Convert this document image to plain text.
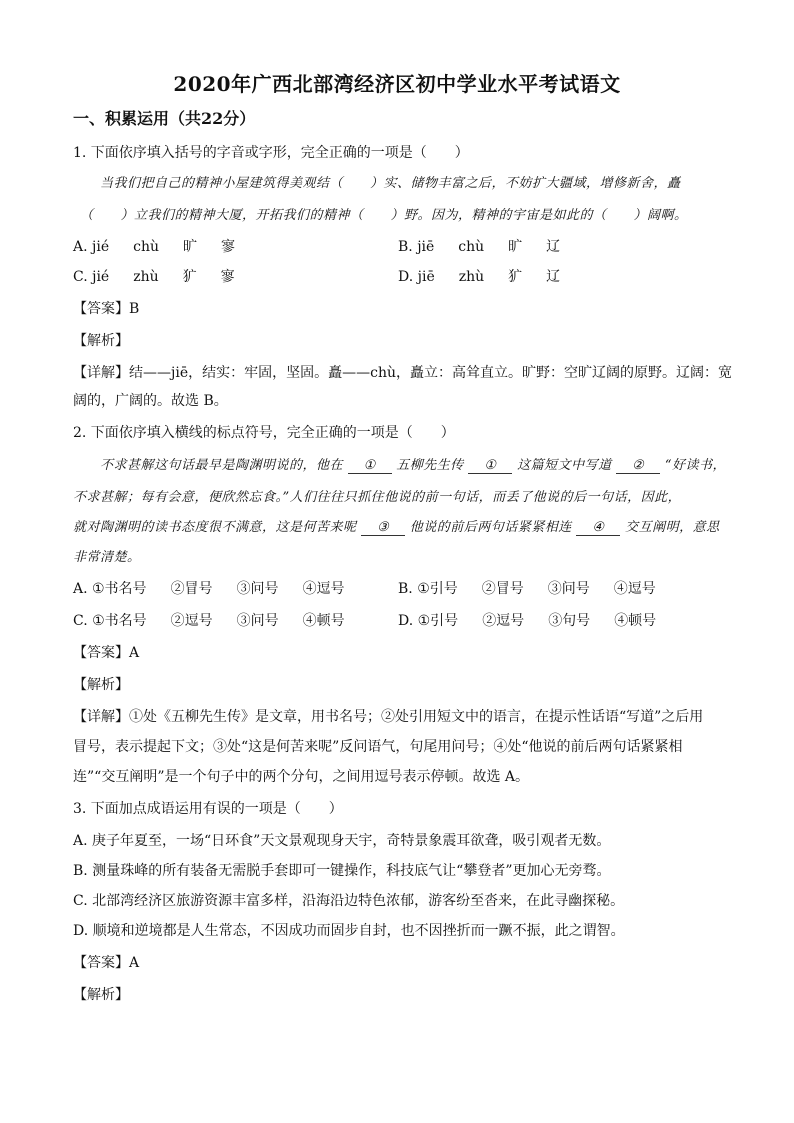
2020年广西北部湾经济区初中学业水平考试语文
一、积累运用（共22分）
1. 下面依序填入括号的字音或字形，完全正确的一项是（　　）
当我们把自己的精神小屋建筑得美观结（　　）实、储物丰富之后，不妨扩大疆域，增修新舍，矗
（　　）立我们的精神大厦，开拓我们的精神（　　）野。因为，精神的宇宙是如此的（　　）阔啊。
A. jié chù 旷 寥	B. jiē chù 旷 辽
C. jié zhù 犷 寥	D. jiē zhù 犷 辽
【答案】B
【解析】
【详解】结——jiē，结实：牢固，坚固。矗——chù，矗立：高耸直立。旷野：空旷辽阔的原野。辽阔：宽
阔的，广阔的。故选 B。
2. 下面依序填入横线的标点符号，完全正确的一项是（　　）
不求甚解这句话最早是陶渊明说的，他在 ① 五柳先生传 ① 这篇短文中写道 ② “好读书，
不求甚解；每有会意，便欣然忘食。”人们往往只抓住他说的前一句话，而丢了他说的后一句话，因此，
就对陶渊明的读书态度很不满意，这是何苦来呢 ③ 他说的前后两句话紧紧相连 ④ 交互阐明，意思
非常清楚。
A. ①书名号 ②冒号 ③问号 ④逗号	B. ①引号 ②冒号 ③问号 ④逗号
C. ①书名号 ②逗号 ③问号 ④顿号	D. ①引号 ②逗号 ③句号 ④顿号
【答案】A
【解析】
【详解】①处《五柳先生传》是文章，用书名号；②处引用短文中的语言，在提示性话语“写道”之后用
冒号，表示提起下文；③处“这是何苦来呢”反问语气，句尾用问号；④处“他说的前后两句话紧紧相
连”“交互阐明”是一个句子中的两个分句，之间用逗号表示停顿。故选 A。
3. 下面加点成语运用有误的一项是（　　）
A. 庚子年夏至，一场“日环食”天文景观现身天宇，奇特景象震耳欲聋，吸引观者无数。
B. 测量珠峰的所有装备无需脱手套即可一键操作，科技底气让“攀登者”更加心无旁骛。
C. 北部湾经济区旅游资源丰富多样，沿海沿边特色浓郁，游客纷至沓来，在此寻幽探秘。
D. 顺境和逆境都是人生常态，不因成功而固步自封，也不因挫折而一蹶不振，此之谓智。
【答案】A
【解析】
